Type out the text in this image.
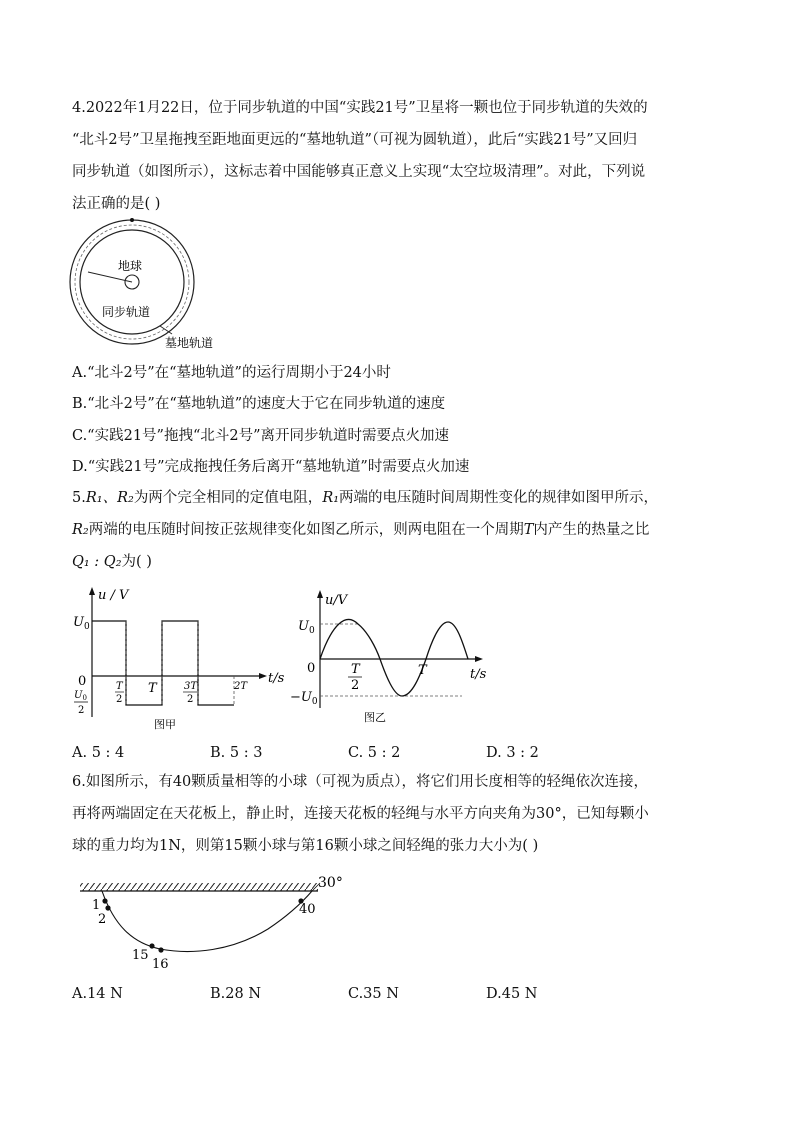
4.2022年1月22日，位于同步轨道的中国“实践21号”卫星将一颗也位于同步轨道的失效的
“北斗2号”卫星拖拽至距地面更远的“墓地轨道”（可视为圆轨道），此后“实践21号”又回归
同步轨道（如图所示），这标志着中国能够真正意义上实现“太空垃圾清理”。对此，下列说
法正确的是( )
地球
同步轨道
墓地轨道
A.“北斗2号”在“墓地轨道”的运行周期小于24小时
B.“北斗2号”在“墓地轨道”的速度大于它在同步轨道的速度
C.“实践21号”拖拽“北斗2号”离开同步轨道时需要点火加速
D.“实践21号”完成拖拽任务后离开“墓地轨道”时需要点火加速
5.R₁、R₂为两个完全相同的定值电阻，R₁两端的电压随时间周期性变化的规律如图甲所示，
R₂两端的电压随时间按正弦规律变化如图乙所示，则两电阻在一个周期T内产生的热量之比
Q₁ : Q₂为( )
u / V
t/s
$U_0$
0
$U_0$
2
T
2
T	3T
2
2T
图甲
u/V
t/s
$U_0$
0
$-U_0$
T
2
T
图乙
A. 5 : 4	B. 5 : 3	C. 5 : 2	D. 3 : 2
6.如图所示，有40颗质量相等的小球（可视为质点），将它们用长度相等的轻绳依次连接，
再将两端固定在天花板上，静止时，连接天花板的轻绳与水平方向夹角为30°，已知每颗小
球的重力均为1N，则第15颗小球与第16颗小球之间轻绳的张力大小为( )
30°
1
2
15
16
40
A.14 N	B.28 N	C.35 N	D.45 N
